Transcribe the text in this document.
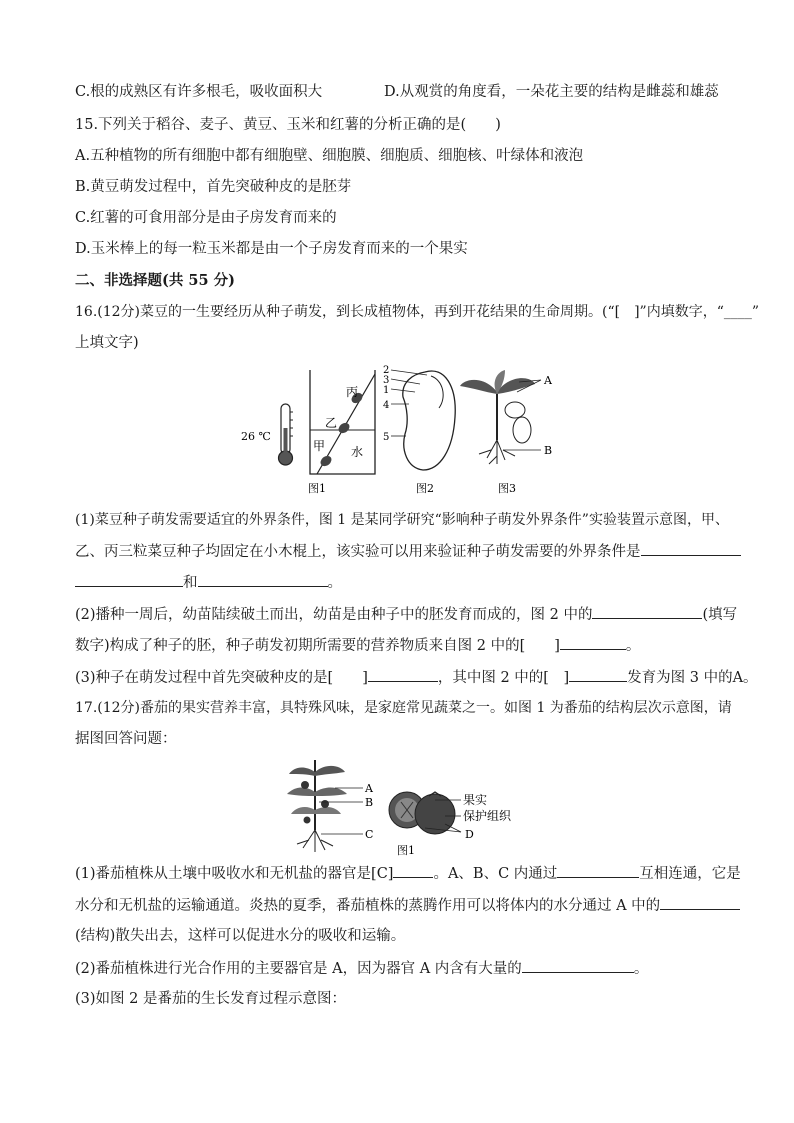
C.根的成熟区有许多根毛，吸收面积大	D.从观赏的角度看，一朵花主要的结构是雌蕊和雄蕊
15.下列关于稻谷、麦子、黄豆、玉米和红薯的分析正确的是(　　)
A.五种植物的所有细胞中都有细胞壁、细胞膜、细胞质、细胞核、叶绿体和液泡
B.黄豆萌发过程中，首先突破种皮的是胚芽
C.红薯的可食用部分是由子房发育而来的
D.玉米棒上的每一粒玉米都是由一个子房发育而来的一个果实
二、非选择题(共 55 分)
16.(12分)菜豆的一生要经历从种子萌发，到长成植物体，再到开花结果的生命周期。(“[　]”内填数字，“____”
上填文字)
26 ℃
丙
乙
甲 水
图1
2
3
1
4
5
图2
A
B
图3
(1)菜豆种子萌发需要适宜的外界条件，图 1 是某同学研究“影响种子萌发外界条件”实验装置示意图，甲、
乙、丙三粒菜豆种子均固定在小木棍上，该实验可以用来验证种子萌发需要的外界条件是
和	。
(2)播种一周后，幼苗陆续破土而出，幼苗是由种子中的胚发育而成的，图 2 中的	(填写
数字)构成了种子的胚，种子萌发初期所需要的营养物质来自图 2 中的[　　]	。
(3)种子在萌发过程中首先突破种皮的是[　　]	，其中图 2 中的[　]	发育为图 3 中的A。
17.(12分)番茄的果实营养丰富，具特殊风味，是家庭常见蔬菜之一。如图 1 为番茄的结构层次示意图，请
据图回答问题：
A
B
C
果实
保护组织
D
图1
(1)番茄植株从土壤中吸收水和无机盐的器官是[C]	。A、B、C 内通过	互相连通，它是
水分和无机盐的运输通道。炎热的夏季，番茄植株的蒸腾作用可以将体内的水分通过 A 中的
(结构)散失出去，这样可以促进水分的吸收和运输。
(2)番茄植株进行光合作用的主要器官是 A，因为器官 A 内含有大量的	。
(3)如图 2 是番茄的生长发育过程示意图：
